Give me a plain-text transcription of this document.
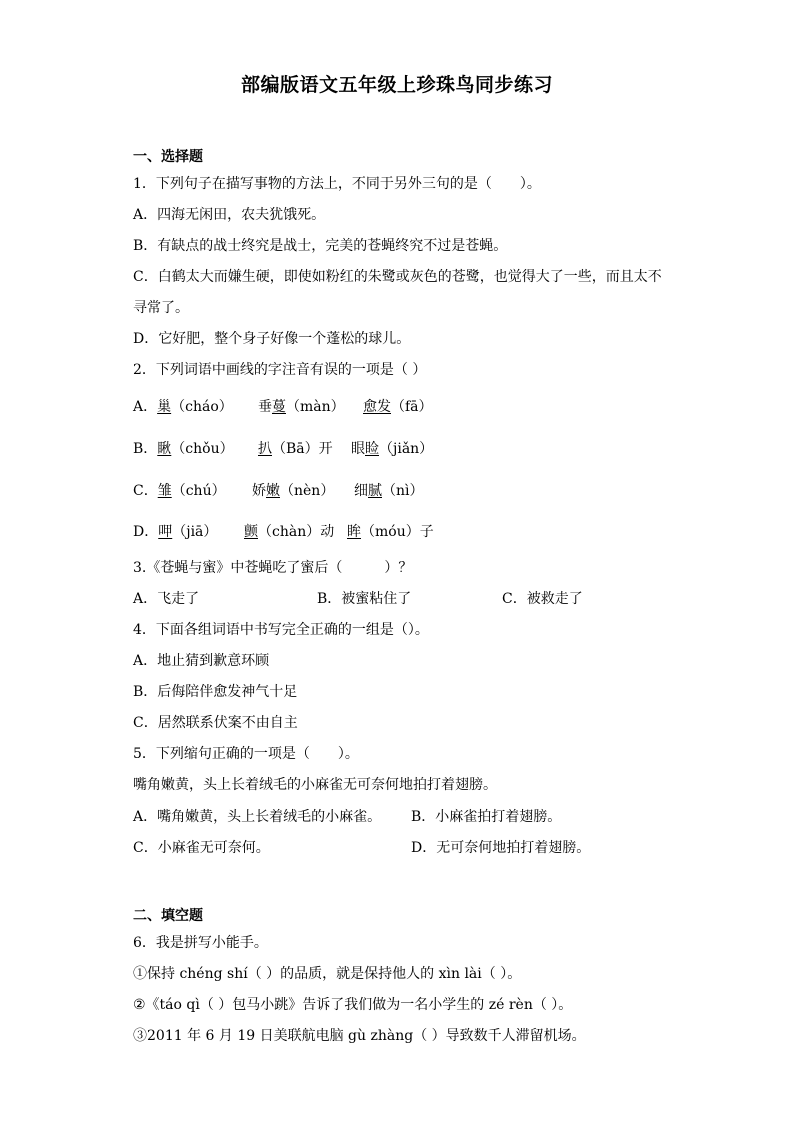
部编版语文五年级上珍珠鸟同步练习
一、选择题
1．下列句子在描写事物的方法上，不同于另外三句的是（　　）。
A．四海无闲田，农夫犹饿死。
B．有缺点的战士终究是战士，完美的苍蝇终究不过是苍蝇。
C．白鹤太大而嫌生硬，即使如粉红的朱鹭或灰色的苍鹭，也觉得大了一些，而且太不
寻常了。
D．它好肥，整个身子好像一个蓬松的球儿。
2．下列词语中画线的字注音有误的一项是（ ）
A．巢（cháo） 垂蔓（màn） 愈发（fā）
B．瞅（chǒu） 扒（Bā）开 眼睑（jiǎn）
C．雏（chú） 娇嫩（nèn） 细腻（nì）
D．呷（jiā） 颤（chàn）动 眸（móu）子
3.《苍蝇与蜜》中苍蝇吃了蜜后（　　　）？
A．飞走了	B．被蜜粘住了	C．被救走了
4．下面各组词语中书写完全正确的一组是（）。
A．地止猜到歉意环顾
B．后侮陪伴愈发神气十足
C．居然联系伏案不由自主
5．下列缩句正确的一项是（　　）。
嘴角嫩黄，头上长着绒毛的小麻雀无可奈何地拍打着翅膀。
A．嘴角嫩黄，头上长着绒毛的小麻雀。 B．小麻雀拍打着翅膀。
C．小麻雀无可奈何。	D．无可奈何地拍打着翅膀。
二、填空题
6．我是拼写小能手。
①保持 chéng shí（ ）的品质，就是保持他人的 xìn lài（ ）。
②《táo qì（ ）包马小跳》告诉了我们做为一名小学生的 zé rèn（ ）。
③2011 年 6 月 19 日美联航电脑 gù zhàng（ ）导致数千人滞留机场。
